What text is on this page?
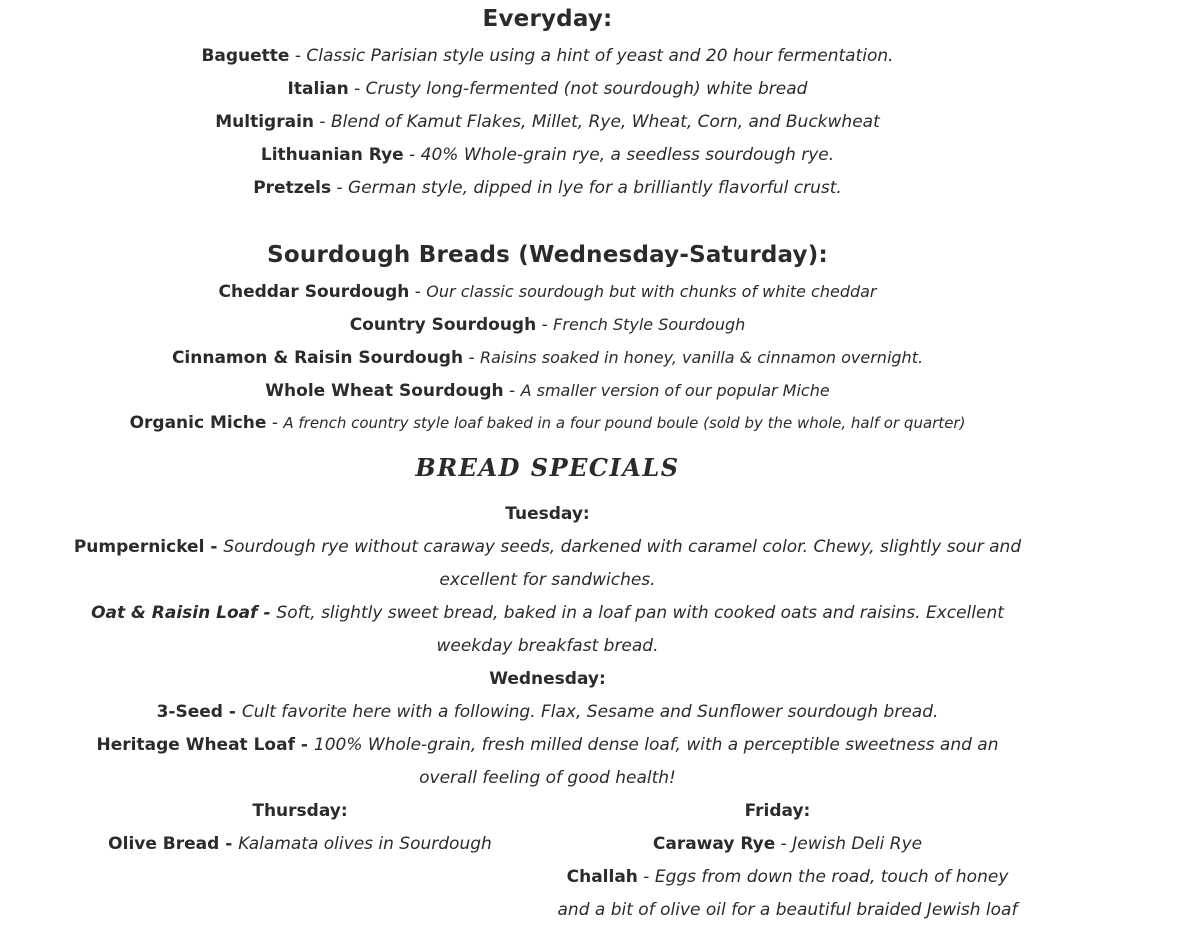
Everyday:
Baguette - Classic Parisian style using a hint of yeast and 20 hour fermentation.
Italian - Crusty long-fermented (not sourdough) white bread
Multigrain - Blend of Kamut Flakes, Millet, Rye, Wheat, Corn, and Buckwheat
Lithuanian Rye - 40% Whole-grain rye, a seedless sourdough rye.
Pretzels - German style, dipped in lye for a brilliantly flavorful crust.
Sourdough Breads (Wednesday-Saturday):
Cheddar Sourdough - Our classic sourdough but with chunks of white cheddar
Country Sourdough - French Style Sourdough
Cinnamon & Raisin Sourdough - Raisins soaked in honey, vanilla & cinnamon overnight.
Whole Wheat Sourdough - A smaller version of our popular Miche
Organic Miche - A french country style loaf baked in a four pound boule (sold by the whole, half or quarter)
BREAD SPECIALS
Tuesday:
Pumpernickel - Sourdough rye without caraway seeds, darkened with caramel color. Chewy, slightly sour and excellent for sandwiches.
Oat & Raisin Loaf - Soft, slightly sweet bread, baked in a loaf pan with cooked oats and raisins. Excellent weekday breakfast bread.
Wednesday:
3-Seed - Cult favorite here with a following. Flax, Sesame and Sunflower sourdough bread.
Heritage Wheat Loaf - 100% Whole-grain, fresh milled dense loaf, with a perceptible sweetness and an overall feeling of good health!
Thursday:
Olive Bread - Kalamata olives in Sourdough
Friday:
Caraway Rye - Jewish Deli Rye
Challah - Eggs from down the road, touch of honey and a bit of olive oil for a beautiful braided Jewish loaf
